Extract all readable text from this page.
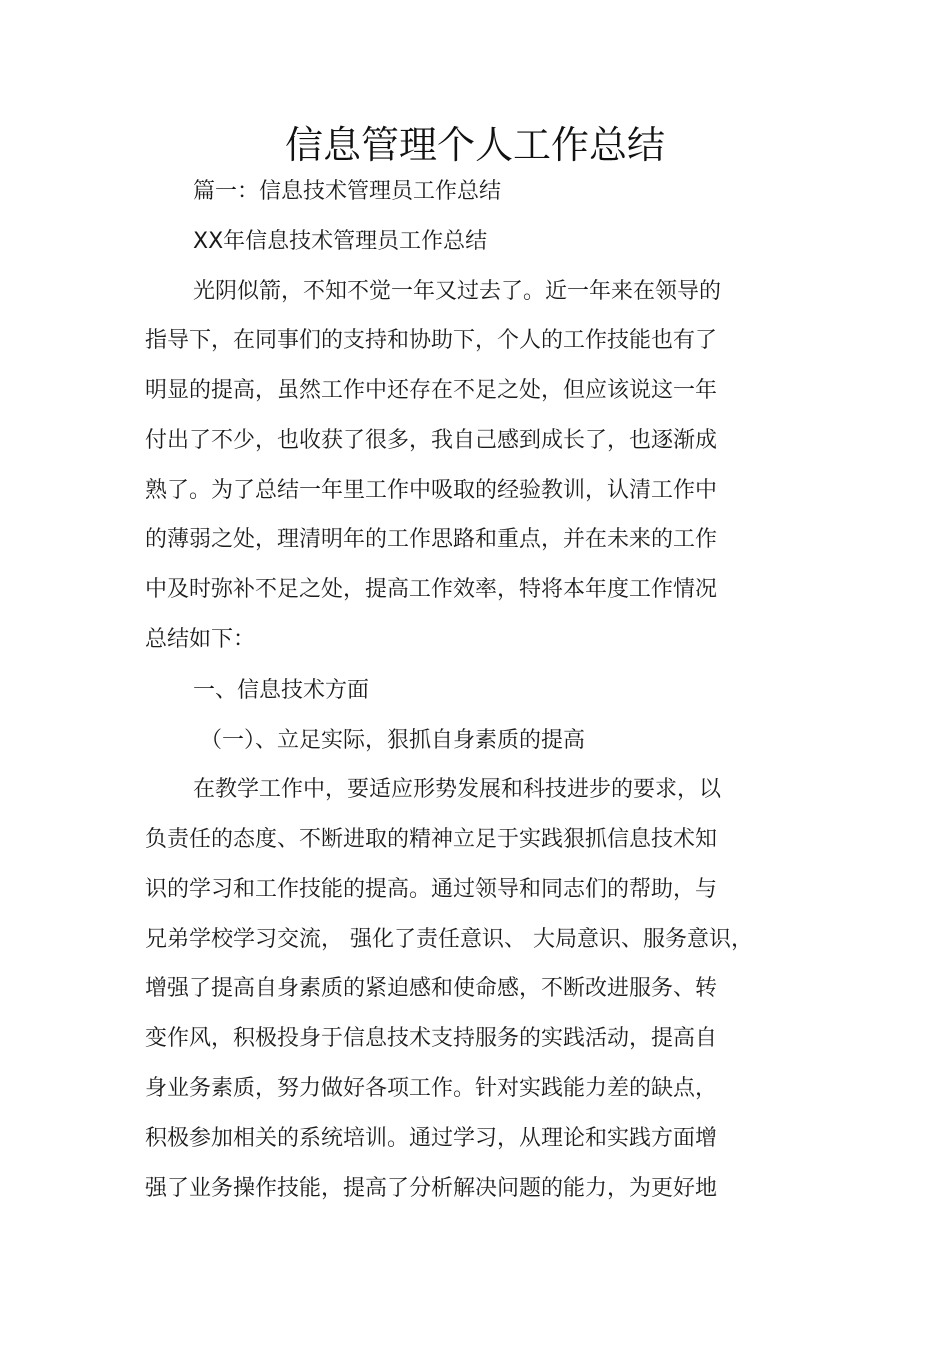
信息管理个人工作总结

篇一：信息技术管理员工作总结

XX年信息技术管理员工作总结

光阴似箭，不知不觉一年又过去了。近一年来在领导的

指导下，在同事们的支持和协助下，个人的工作技能也有了

明显的提高，虽然工作中还存在不足之处，但应该说这一年

付出了不少，也收获了很多，我自己感到成长了，也逐渐成

熟了。为了总结一年里工作中吸取的经验教训，认清工作中

的薄弱之处，理清明年的工作思路和重点，并在未来的工作

中及时弥补不足之处，提高工作效率，特将本年度工作情况

总结如下：

一、信息技术方面

（一）、立足实际，狠抓自身素质的提高

在教学工作中，要适应形势发展和科技进步的要求，以

负责任的态度、不断进取的精神立足于实践狠抓信息技术知

识的学习和工作技能的提高。通过领导和同志们的帮助，与

兄弟学校学习交流， 强化了责任意识、 大局意识、服务意识，

增强了提高自身素质的紧迫感和使命感，不断改进服务、转

变作风，积极投身于信息技术支持服务的实践活动，提高自

身业务素质，努力做好各项工作。针对实践能力差的缺点，

积极参加相关的系统培训。通过学习，从理论和实践方面增

强了业务操作技能，提高了分析解决问题的能力，为更好地
